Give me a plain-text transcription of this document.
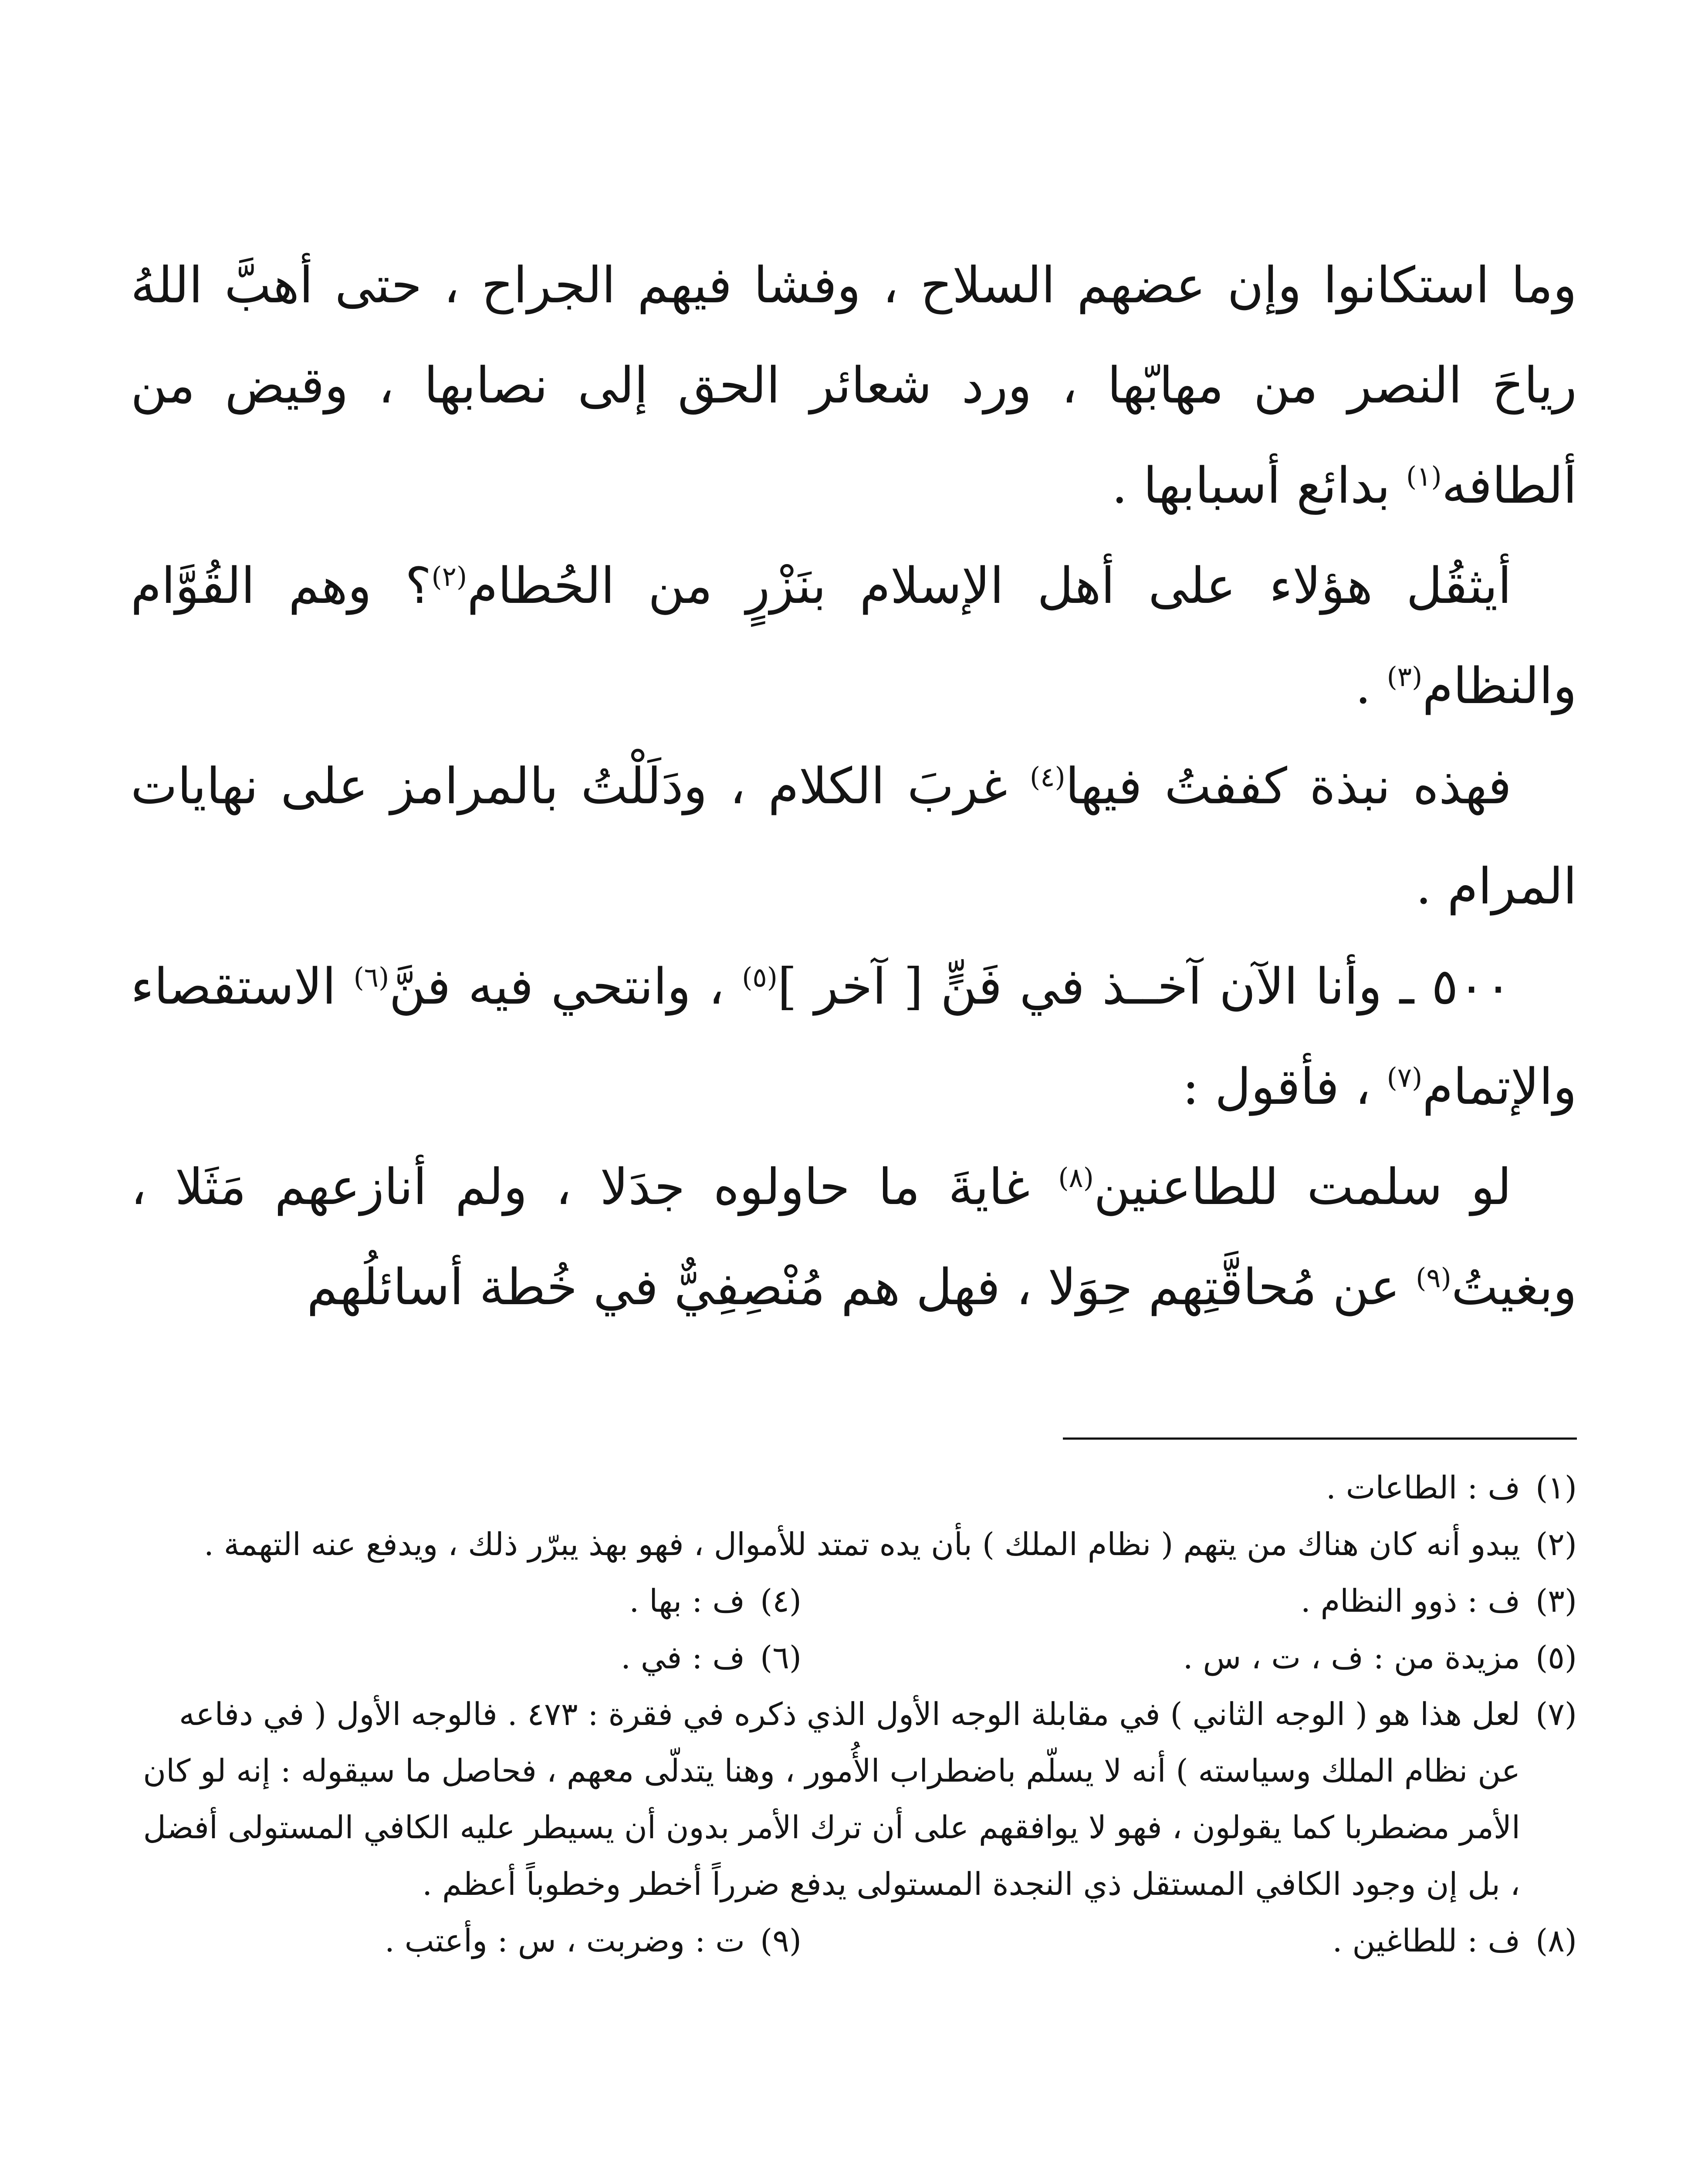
وما استكانوا وإن عضهم السلاح ، وفشا فيهم الجراح ، حتى أهبَّ اللهُ رياحَ النصر من مهابّها ، ورد شعائر الحق إلى نصابها ، وقيض من ألطافه$^{(١)}$ بدائع أسبابها .

أيثقُل هؤلاء على أهل الإسلام بنَزْرٍ من الحُطام$^{(٢)}$؟ وهم القُوَّام والنظام$^{(٣)}$ .

فهذه نبذة كففتُ فيها$^{(٤)}$ غربَ الكلام ، ودَلَلْتُ بالمرامز على نهايات المرام .

٥٠٠ ـ وأنا الآن آخــذ في فَنٍّ [ آخر ]$^{(٥)}$ ، وانتحي فيه فنَّ$^{(٦)}$ الاستقصاء والإتمام$^{(٧)}$ ، فأقول :

لو سلمت للطاعنين$^{(٨)}$ غايةَ ما حاولوه جدَلا ، ولم أنازعهم مَثَلا ، وبغيتُ$^{(٩)}$ عن مُحاقَّتِهم حِوَلا ، فهل هم مُنْصِفِيٌّ في خُطة أسائلُهم

(١)
ف : الطاعات .
(٢)
يبدو أنه كان هناك من يتهم ( نظام الملك ) بأن يده تمتد للأموال ، فهو بهذ يبرّر ذلك ، ويدفع عنه التهمة .
(٣)
ف : ذوو النظام .
(٤)
ف : بها .
(٥)
مزيدة من : ف ، ت ، س .
(٦)
ف : في .
(٧)
لعل هذا هو ( الوجه الثاني ) في مقابلة الوجه الأول الذي ذكره في فقرة : ٤٧٣ . فالوجه الأول ( في دفاعه عن نظام الملك وسياسته ) أنه لا يسلّم باضطراب الأُمور ، وهنا يتدلّى معهم ، فحاصل ما سيقوله : إنه لو كان الأمر مضطربا كما يقولون ، فهو لا يوافقهم على أن ترك الأمر بدون أن يسيطر عليه الكافي المستولى أفضل ، بل إن وجود الكافي المستقل ذي النجدة المستولى يدفع ضرراً أخطر وخطوباً أعظم .
(٨)
ف : للطاغين .
(٩)
ت : وضربت ، س : وأعتب .
